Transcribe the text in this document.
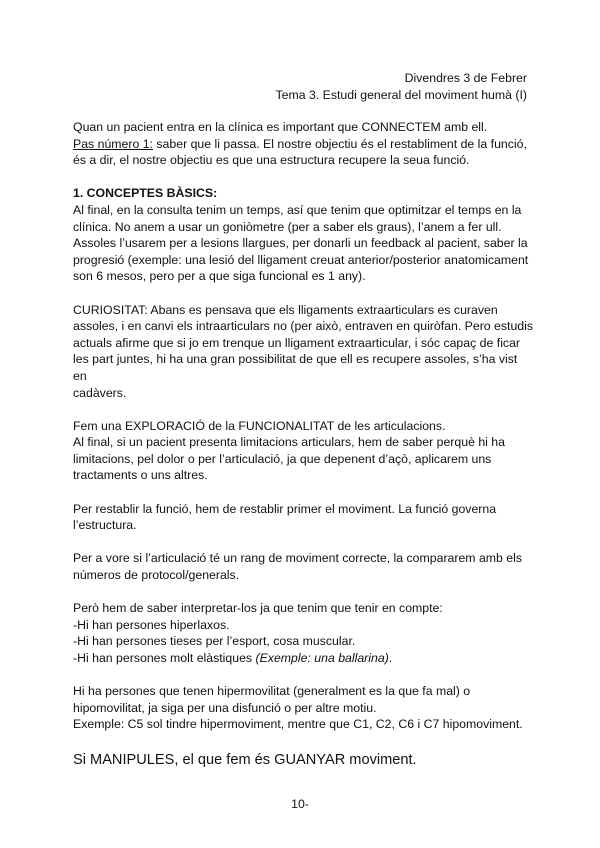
Divendres 3 de Febrer
Tema 3. Estudi general del moviment humà (I)

Quan un pacient entra en la clínica es important que CONNECTEM amb ell.

Pas número 1: saber que li passa. El nostre objectiu és el restabliment de la funció,

és a dir, el nostre objectiu es que una estructura recupere la seua funció.

1. CONCEPTES BÀSICS:

Al final, en la consulta tenim un temps, así que tenim que optimitzar el temps en la

clínica. No anem a usar un goniòmetre (per a saber els graus), l’anem a fer ull.

Assoles l’usarem per a lesions llargues, per donarli un feedback al pacient, saber la

progresió (exemple: una lesió del lligament creuat anterior/posterior anatomicament

son 6 mesos, pero per a que siga funcional es 1 any).

CURIOSITAT: Abans es pensava que els lligaments extraarticulars es curaven

assoles, i en canvi els intraarticulars no (per això, entraven en quiròfan. Pero estudis

actuals afirme que si jo em trenque un lligament extraarticular, i sóc capaç de ficar

les part juntes, hi ha una gran possibilitat de que ell es recupere assoles, s’ha vist en

cadàvers.

Fem una EXPLORACIÓ de la FUNCIONALITAT de les articulacions.

Al final, si un pacient presenta limitacions articulars, hem de saber perquè hi ha

limitacions, pel dolor o per l’articulació, ja que depenent d’açò, aplicarem uns

tractaments o uns altres.

Per restablir la funció, hem de restablir primer el moviment. La funció governa

l’estructura.

Per a vore si l’articulació té un rang de moviment correcte, la compararem amb els

números de protocol/generals.

Però hem de saber interpretar-los ja que tenim que tenir en compte:

-Hi han persones hiperlaxos.

-Hi han persones tieses per l’esport, cosa muscular.

-Hi han persones molt elàstiques (Exemple: una ballarina).

Hi ha persones que tenen hipermovilitat (generalment es la que fa mal) o

hipomovilitat, ja siga per una disfunció o per altre motiu.

Exemple: C5 sol tindre hipermoviment, mentre que C1, C2, C6 i C7 hipomoviment.

Si MANIPULES, el que fem és GUANYAR moviment.

10-
